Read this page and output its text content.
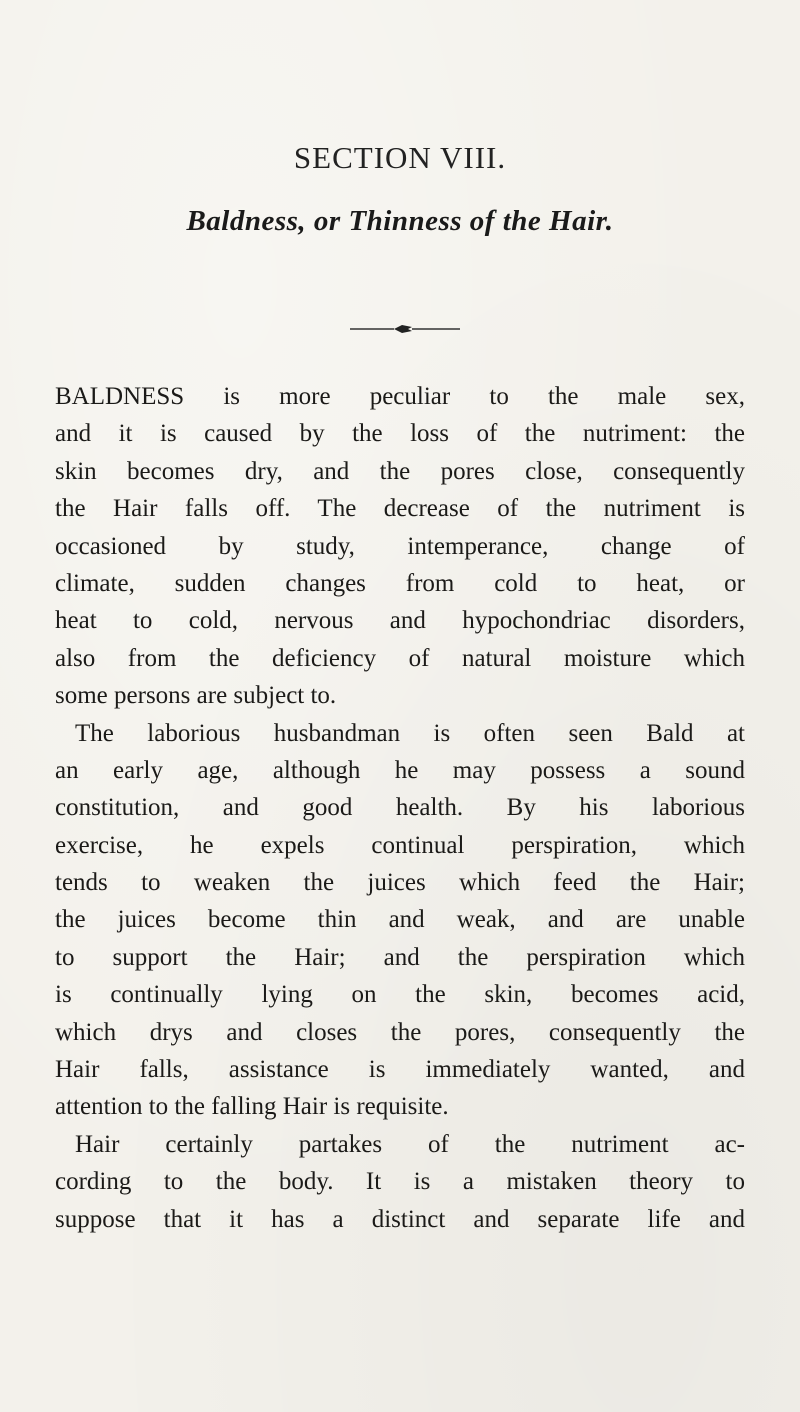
SECTION VIII.
Baldness, or Thinness of the Hair.
BALDNESS is more peculiar to the male sex,
and it is caused by the loss of the nutriment: the
skin becomes dry, and the pores close, consequently
the Hair falls off. The decrease of the nutriment is
occasioned by study, intemperance, change of
climate, sudden changes from cold to heat, or
heat to cold, nervous and hypochondriac disorders,
also from the deficiency of natural moisture which
some persons are subject to.
The laborious husbandman is often seen Bald at
an early age, although he may possess a sound
constitution, and good health. By his laborious
exercise, he expels continual perspiration, which
tends to weaken the juices which feed the Hair;
the juices become thin and weak, and are unable
to support the Hair; and the perspiration which
is continually lying on the skin, becomes acid,
which drys and closes the pores, consequently the
Hair falls, assistance is immediately wanted, and
attention to the falling Hair is requisite.
Hair certainly partakes of the nutriment ac-
cording to the body. It is a mistaken theory to
suppose that it has a distinct and separate life and
